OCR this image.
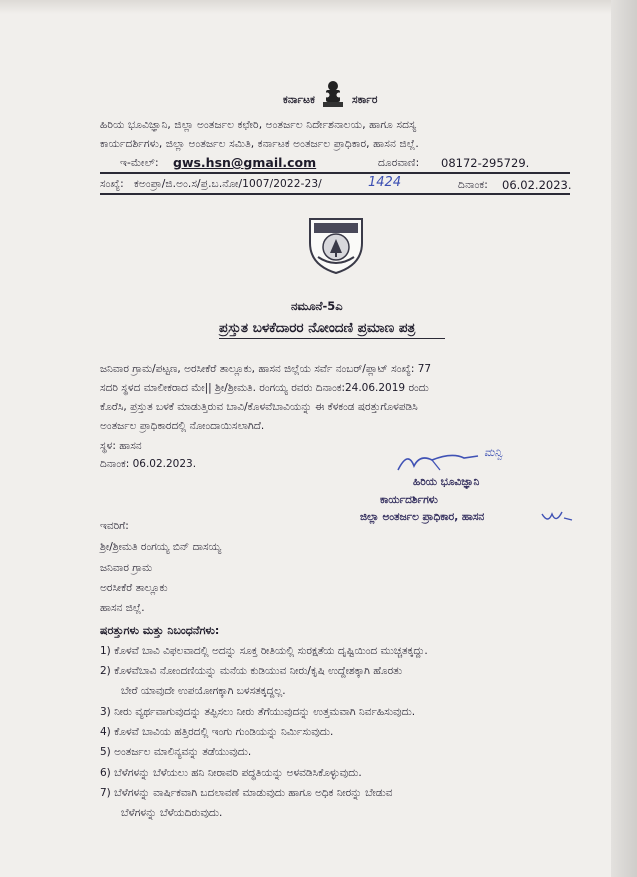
ಕರ್ನಾಟಕ	ಸರ್ಕಾರ
ಹಿರಿಯ ಭೂವಿಜ್ಞಾನಿ, ಜಿಲ್ಲಾ ಅಂತರ್ಜಲ ಕಛೇರಿ, ಅಂತರ್ಜಲ ನಿರ್ದೇಶನಾಲಯ, ಹಾಗೂ ಸದಸ್ಯ
ಕಾರ್ಯದರ್ಶಿಗಳು, ಜಿಲ್ಲಾ ಅಂತರ್ಜಲ ಸಮಿತಿ, ಕರ್ನಾಟಕ ಅಂತರ್ಜಲ ಪ್ರಾಧಿಕಾರ, ಹಾಸನ ಜಿಲ್ಲೆ.
ಇ-ಮೇಲ್: gws.hsn@gmail.com	ದೂರವಾಣಿ: 08172-295729.
ಸಂಖ್ಯೆ: ಕಅಂಪ್ರಾ/ಜಿ.ಅಂ.ಸ/ಪ್ರ.ಬ.ನೋ/1007/2022-23/	1424	ದಿನಾಂಕ: 06.02.2023.
ನಮೂನೆ-5ಎ
ಪ್ರಸ್ತುತ ಬಳಕೆದಾರರ ನೋಂದಣಿ ಪ್ರಮಾಣ ಪತ್ರ
ಜನಿವಾರ ಗ್ರಾಮ/ಪಟ್ಟಣ, ಅರಸೀಕೆರೆ ತಾಲ್ಲೂಕು, ಹಾಸನ ಜಿಲ್ಲೆಯ ಸರ್ವೆ ನಂಬರ್/ಪ್ಲಾಟ್ ಸಂಖ್ಯೆ: 77
ಸದರಿ ಸ್ಥಳದ ಮಾಲೀಕರಾದ ಮೇ|| ಶ್ರೀ/ಶ್ರೀಮತಿ. ರಂಗಯ್ಯ ರವರು ದಿನಾಂಕ:24.06.2019 ರಂದು
ಕೊರೆಸಿ, ಪ್ರಸ್ತುತ ಬಳಕೆ ಮಾಡುತ್ತಿರುವ ಬಾವಿ/ಕೊಳವೆಬಾವಿಯನ್ನು ಈ ಕೆಳಕಂಡ ಷರತ್ತುಗೊಳಪಡಿಸಿ
ಅಂತರ್ಜಲ ಪ್ರಾಧಿಕಾರದಲ್ಲಿ ನೋಂದಾಯಿಸಲಾಗಿದೆ.
ಸ್ಥಳ: ಹಾಸನ
ದಿನಾಂಕ: 06.02.2023.
ಮನ್ವಿ
ಹಿರಿಯ ಭೂವಿಜ್ಞಾನಿ
ಕಾರ್ಯದರ್ಶಿಗಳು
ಜಿಲ್ಲಾ ಅಂತರ್ಜಲ ಪ್ರಾಧಿಕಾರ, ಹಾಸನ
ಇವರಿಗೆ:
ಶ್ರೀ/ಶ್ರೀಮತಿ ರಂಗಯ್ಯ ಬಿನ್ ದಾಸಯ್ಯ
ಜನಿವಾರ ಗ್ರಾಮ
ಅರಸೀಕೆರೆ ತಾಲ್ಲೂಕು
ಹಾಸನ ಜಿಲ್ಲೆ.
ಷರತ್ತುಗಳು ಮತ್ತು ನಿಬಂಧನೆಗಳು:
1) ಕೊಳವೆ ಬಾವಿ ವಿಫಲವಾದಲ್ಲಿ ಅದನ್ನು ಸೂಕ್ತ ರೀತಿಯಲ್ಲಿ ಸುರಕ್ಷತೆಯ ದೃಷ್ಟಿಯಿಂದ ಮುಚ್ಚತಕ್ಕದ್ದು.
2) ಕೊಳವೆಬಾವಿ ನೋಂದಣಿಯನ್ನು ಮನೆಯ ಕುಡಿಯುವ ನೀರು/ಕೃಷಿ ಉದ್ದೇಶಕ್ಕಾಗಿ ಹೊರತು
ಬೇರೆ ಯಾವುದೇ ಉಪಯೋಗಕ್ಕಾಗಿ ಬಳಸತಕ್ಕದ್ದಲ್ಲ.
3) ನೀರು ವ್ಯರ್ಥವಾಗುವುದನ್ನು ತಪ್ಪಿಸಲು ನೀರು ತೆಗೆಯುವುದನ್ನು ಉತ್ತಮವಾಗಿ ನಿರ್ವಹಿಸುವುದು.
4) ಕೊಳವೆ ಬಾವಿಯ ಹತ್ತಿರದಲ್ಲಿ ಇಂಗು ಗುಂಡಿಯನ್ನು ನಿರ್ಮಿಸುವುದು.
5) ಅಂತರ್ಜಲ ಮಾಲಿನ್ಯವನ್ನು ತಡೆಯುವುದು.
6) ಬೆಳೆಗಳನ್ನು ಬೆಳೆಯಲು ಹನಿ ನೀರಾವರಿ ಪದ್ಧತಿಯನ್ನು ಅಳವಡಿಸಿಕೊಳ್ಳುವುದು.
7) ಬೆಳೆಗಳನ್ನು ವಾರ್ಷಿಕವಾಗಿ ಬದಲಾವಣೆ ಮಾಡುವುದು ಹಾಗೂ ಅಧಿಕ ನೀರನ್ನು ಬೇಡುವ
ಬೆಳೆಗಳನ್ನು ಬೆಳೆಯದಿರುವುದು.
